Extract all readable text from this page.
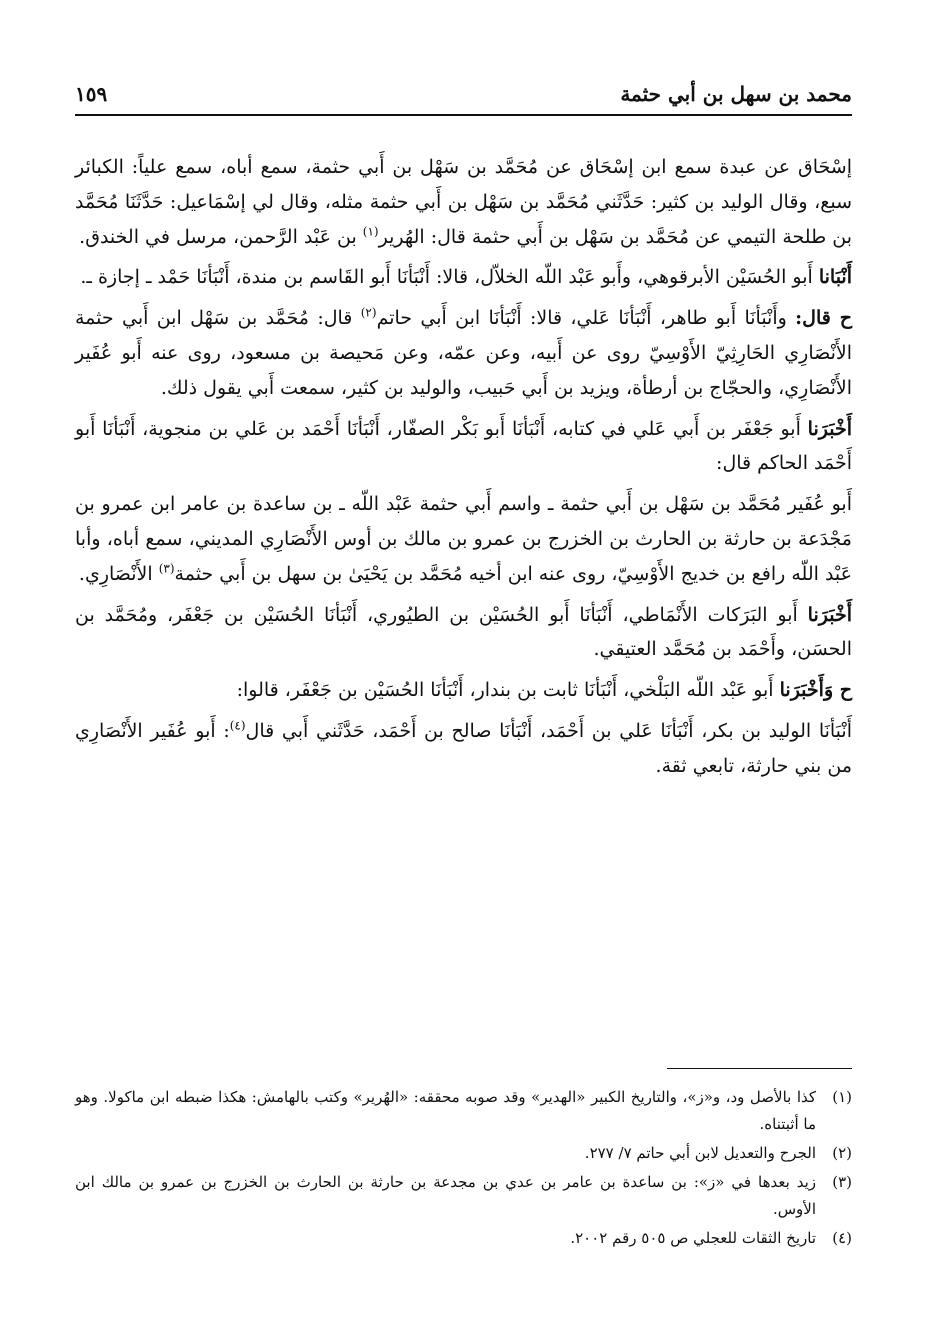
محمد بن سهل بن أبي حثمة
١٥٩

إسْحَاق عن عبدة سمع ابن إسْحَاق عن مُحَمَّد بن سَهْل بن أَبي حثمة، سمع أباه، سمع علياً: الكبائر سبع، وقال الوليد بن كثير: حَدَّثَني مُحَمَّد بن سَهْل بن أَبي حثمة مثله، وقال لي إسْمَاعيل: حَدَّثَنَا مُحَمَّد بن طلحة التيمي عن مُحَمَّد بن سَهْل بن أَبي حثمة قال: الهُرير$^{(١)}$ بن عَبْد الرَّحمن، مرسل في الخندق.

أَنْبَانا أَبو الحُسَيْن الأبرقوهي، وأَبو عَبْد اللّه الخلاّل، قالا: أَنْبَأنَا أَبو القَاسم بن مندة، أَنْبَأنَا حَمْد ـ إجازة ـ.

ح قال: وأَنْبَأنَا أَبو طاهر، أَنْبَأنَا عَلي، قالا: أَنْبَأنَا ابن أَبي حاتم$^{(٢)}$ قال: مُحَمَّد بن سَهْل ابن أَبي حثمة الأَنْصَارِي الحَارِثِيّ الأَوْسِيّ روى عن أَبيه، وعن عمّه، وعن مَحيصة بن مسعود، روى عنه أَبو عُفَير الأَنْصَارِي، والحجّاج بن أرطأة، ويزيد بن أَبي حَبيب، والوليد بن كثير، سمعت أَبي يقول ذلك.

أَخْبَرَنا أَبو جَعْفَر بن أَبي عَلي في كتابه، أَنْبَأنَا أَبو بَكْر الصفّار، أَنْبَأنَا أَحْمَد بن عَلي بن منجوية، أَنْبَأنَا أَبو أَحْمَد الحاكم قال:

أَبو عُفَير مُحَمَّد بن سَهْل بن أَبي حثمة ـ واسم أَبي حثمة عَبْد اللّه ـ بن ساعدة بن عامر ابن عمرو بن مَجْدَعة بن حارثة بن الحارث بن الخزرج بن عمرو بن مالك بن أوس الأَنْصَارِي المديني، سمع أباه، وأبا عَبْد اللّه رافع بن خديج الأَوْسِيّ، روى عنه ابن أخيه مُحَمَّد بن يَحْيَىٰ بن سهل بن أَبي حثمة$^{(٣)}$ الأَنْصَارِي.

أَخْبَرَنا أَبو البَرَكات الأَنْمَاطي، أَنْبَأنَا أَبو الحُسَيْن بن الطيُوري، أَنْبَأنَا الحُسَيْن بن جَعْفَر، ومُحَمَّد بن الحسَن، وأَحْمَد بن مُحَمَّد العتيقي.

ح وَأَخْبَرَنا أَبو عَبْد اللّه البَلْخي، أَنْبَأنَا ثابت بن بندار، أَنْبَأنَا الحُسَيْن بن جَعْفَر، قالوا:

أَنْبَأنَا الوليد بن بكر، أَنْبَأنَا عَلي بن أَحْمَد، أَنْبَأنَا صالح بن أَحْمَد، حَدَّثَني أَبي قال$^{(٤)}$: أَبو عُفَير الأَنْصَارِي من بني حارثة، تابعي ثقة.

(١)
كذا بالأصل ود، و«ز»، والتاريخ الكبير «الهدير» وقد صوبه محققه: «الهُرير» وكتب بالهامش: هكذا ضبطه ابن ماكولا. وهو ما أثبتناه.
(٢)
الجرح والتعديل لابن أبي حاتم ٧/ ٢٧٧.
(٣)
زيد بعدها في «ز»: بن ساعدة بن عامر بن عدي بن مجدعة بن حارثة بن الحارث بن الخزرج بن عمرو بن مالك ابن الأوس.
(٤)
تاريخ الثقات للعجلي ص ٥٠٥ رقم ٢٠٠٢.
